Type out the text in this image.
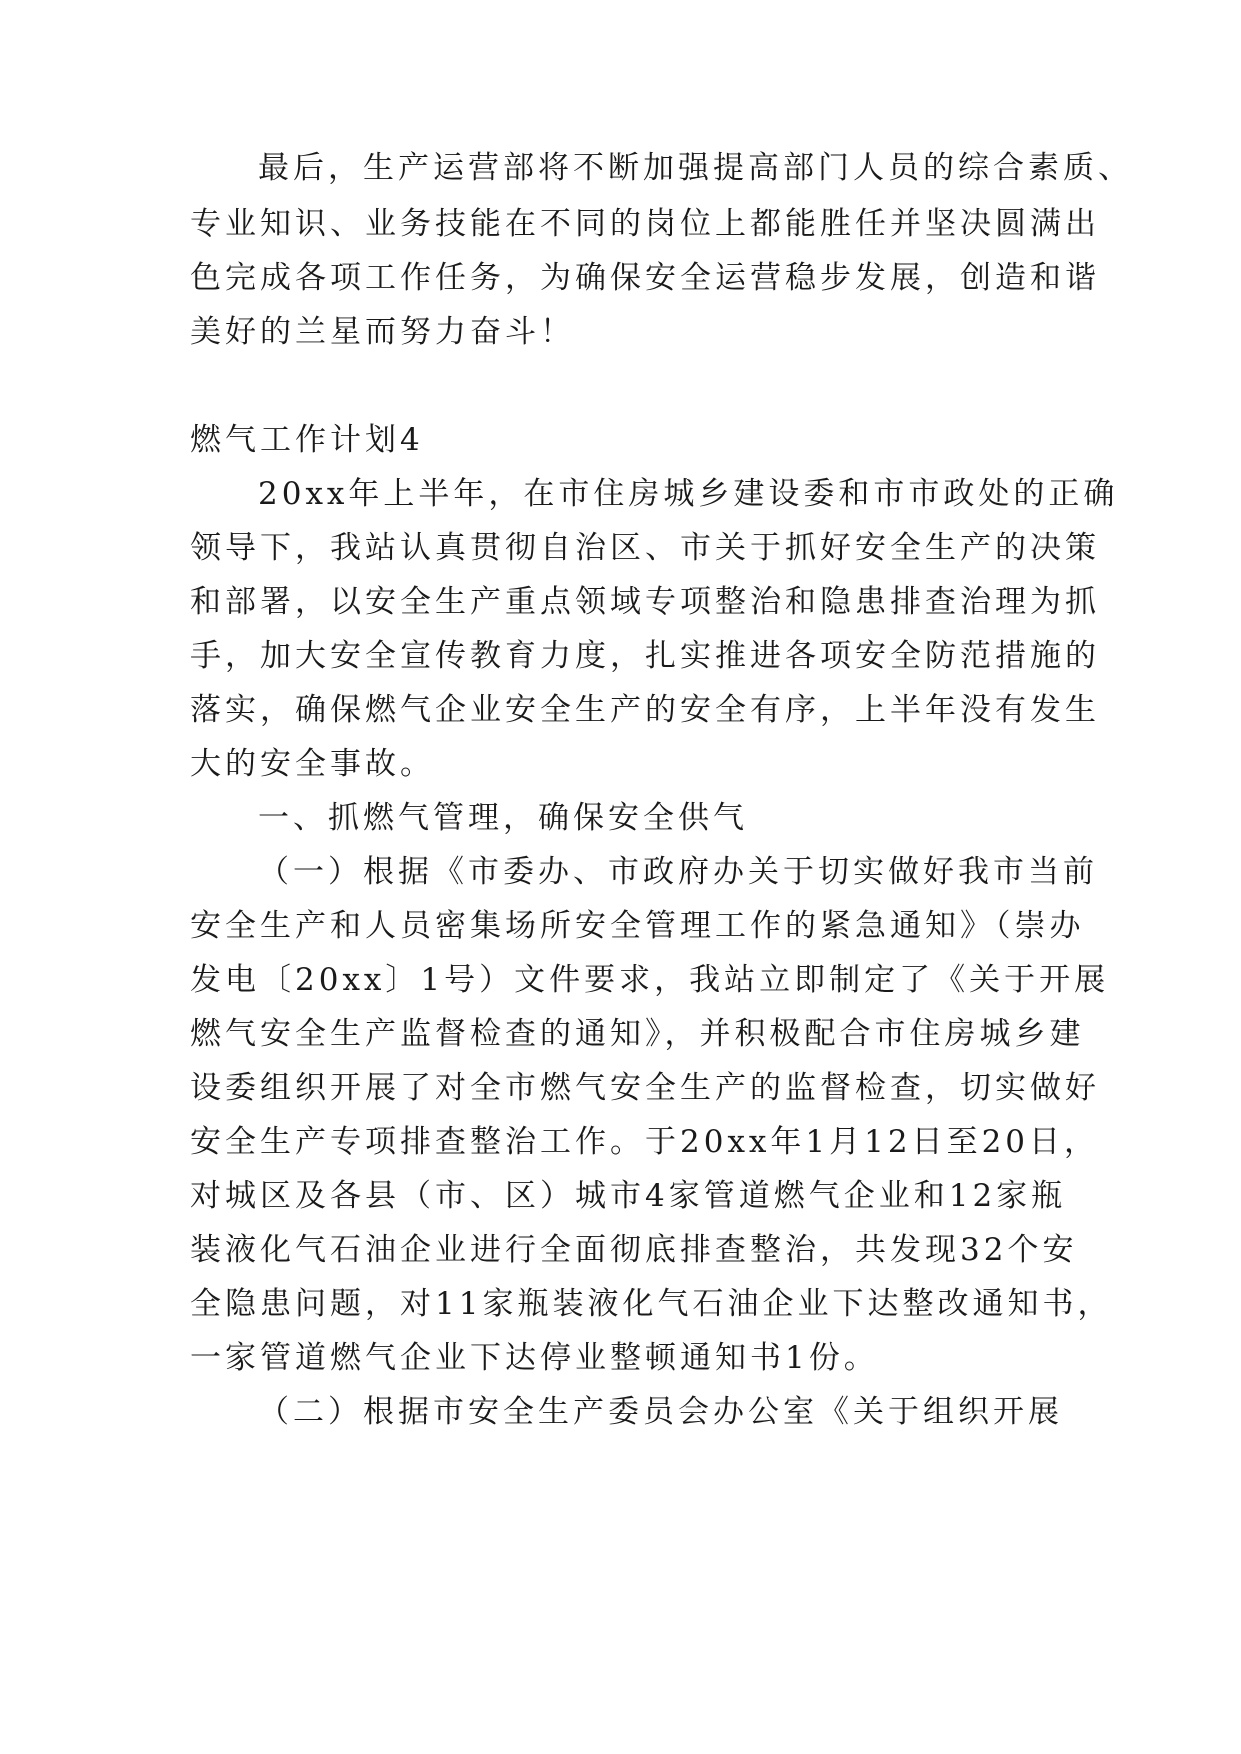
最后，生产运营部将不断加强提高部门人员的综合素质、
专业知识、业务技能在不同的岗位上都能胜任并坚决圆满出
色完成各项工作任务，为确保安全运营稳步发展，创造和谐
美好的兰星而努力奋斗！
燃气工作计划4
20xx年上半年，在市住房城乡建设委和市市政处的正确
领导下，我站认真贯彻自治区、市关于抓好安全生产的决策
和部署，以安全生产重点领域专项整治和隐患排查治理为抓
手，加大安全宣传教育力度，扎实推进各项安全防范措施的
落实，确保燃气企业安全生产的安全有序，上半年没有发生
大的安全事故。
一、抓燃气管理，确保安全供气
（一）根据《市委办、市政府办关于切实做好我市当前
安全生产和人员密集场所安全管理工作的紧急通知》（崇办
发电〔20xx〕1号）文件要求，我站立即制定了《关于开展
燃气安全生产监督检查的通知》，并积极配合市住房城乡建
设委组织开展了对全市燃气安全生产的监督检查，切实做好
安全生产专项排查整治工作。于20xx年1月12日至20日，
对城区及各县（市、区）城市4家管道燃气企业和12家瓶
装液化气石油企业进行全面彻底排查整治，共发现32个安
全隐患问题，对11家瓶装液化气石油企业下达整改通知书，
一家管道燃气企业下达停业整顿通知书1份。
（二）根据市安全生产委员会办公室《关于组织开展
